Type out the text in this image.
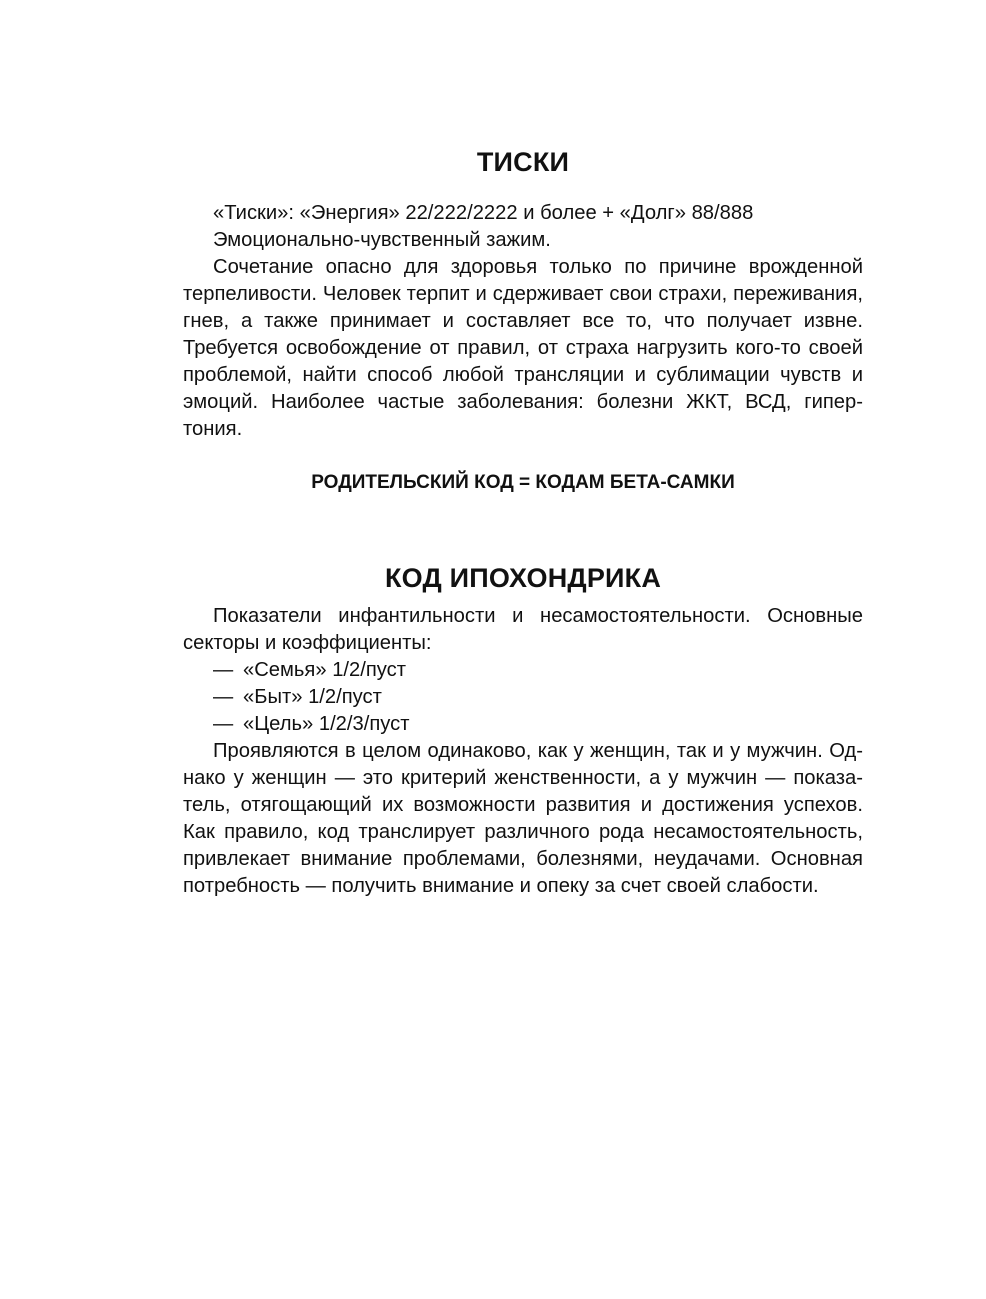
ТИСКИ

«Тиски»: «Энергия» 22/222/2222 и более + «Долг» 88/888

Эмоционально-чувственный зажим.

Сочетание опасно для здоровья только по причине врожденной терпеливости. Человек терпит и сдерживает свои страхи, переживания, гнев, а также принимает и составляет все то, что получает извне. Требуется освобождение от правил, от страха нагрузить кого-то своей проблемой, найти способ любой трансляции и сублимации чувств и эмоций. Наиболее частые заболевания: болезни ЖКТ, ВСД, гипертония.

РОДИТЕЛЬСКИЙ КОД = КОДАМ БЕТА-САМКИ
КОД ИПОХОНДРИКА

Показатели инфантильности и несамостоятельности. Основные секторы и коэффициенты:

— «Семья» 1/2/пуст
— «Быт» 1/2/пуст
— «Цель» 1/2/3/пуст

Проявляются в целом одинаково, как у женщин, так и у мужчин. Однако у женщин — это критерий женственности, а у мужчин — показатель, отягощающий их возможности развития и достижения успехов. Как правило, код транслирует различного рода несамостоятельность, привлекает внимание проблемами, болезнями, неудачами. Основная потребность — получить внимание и опеку за счет своей слабости.
